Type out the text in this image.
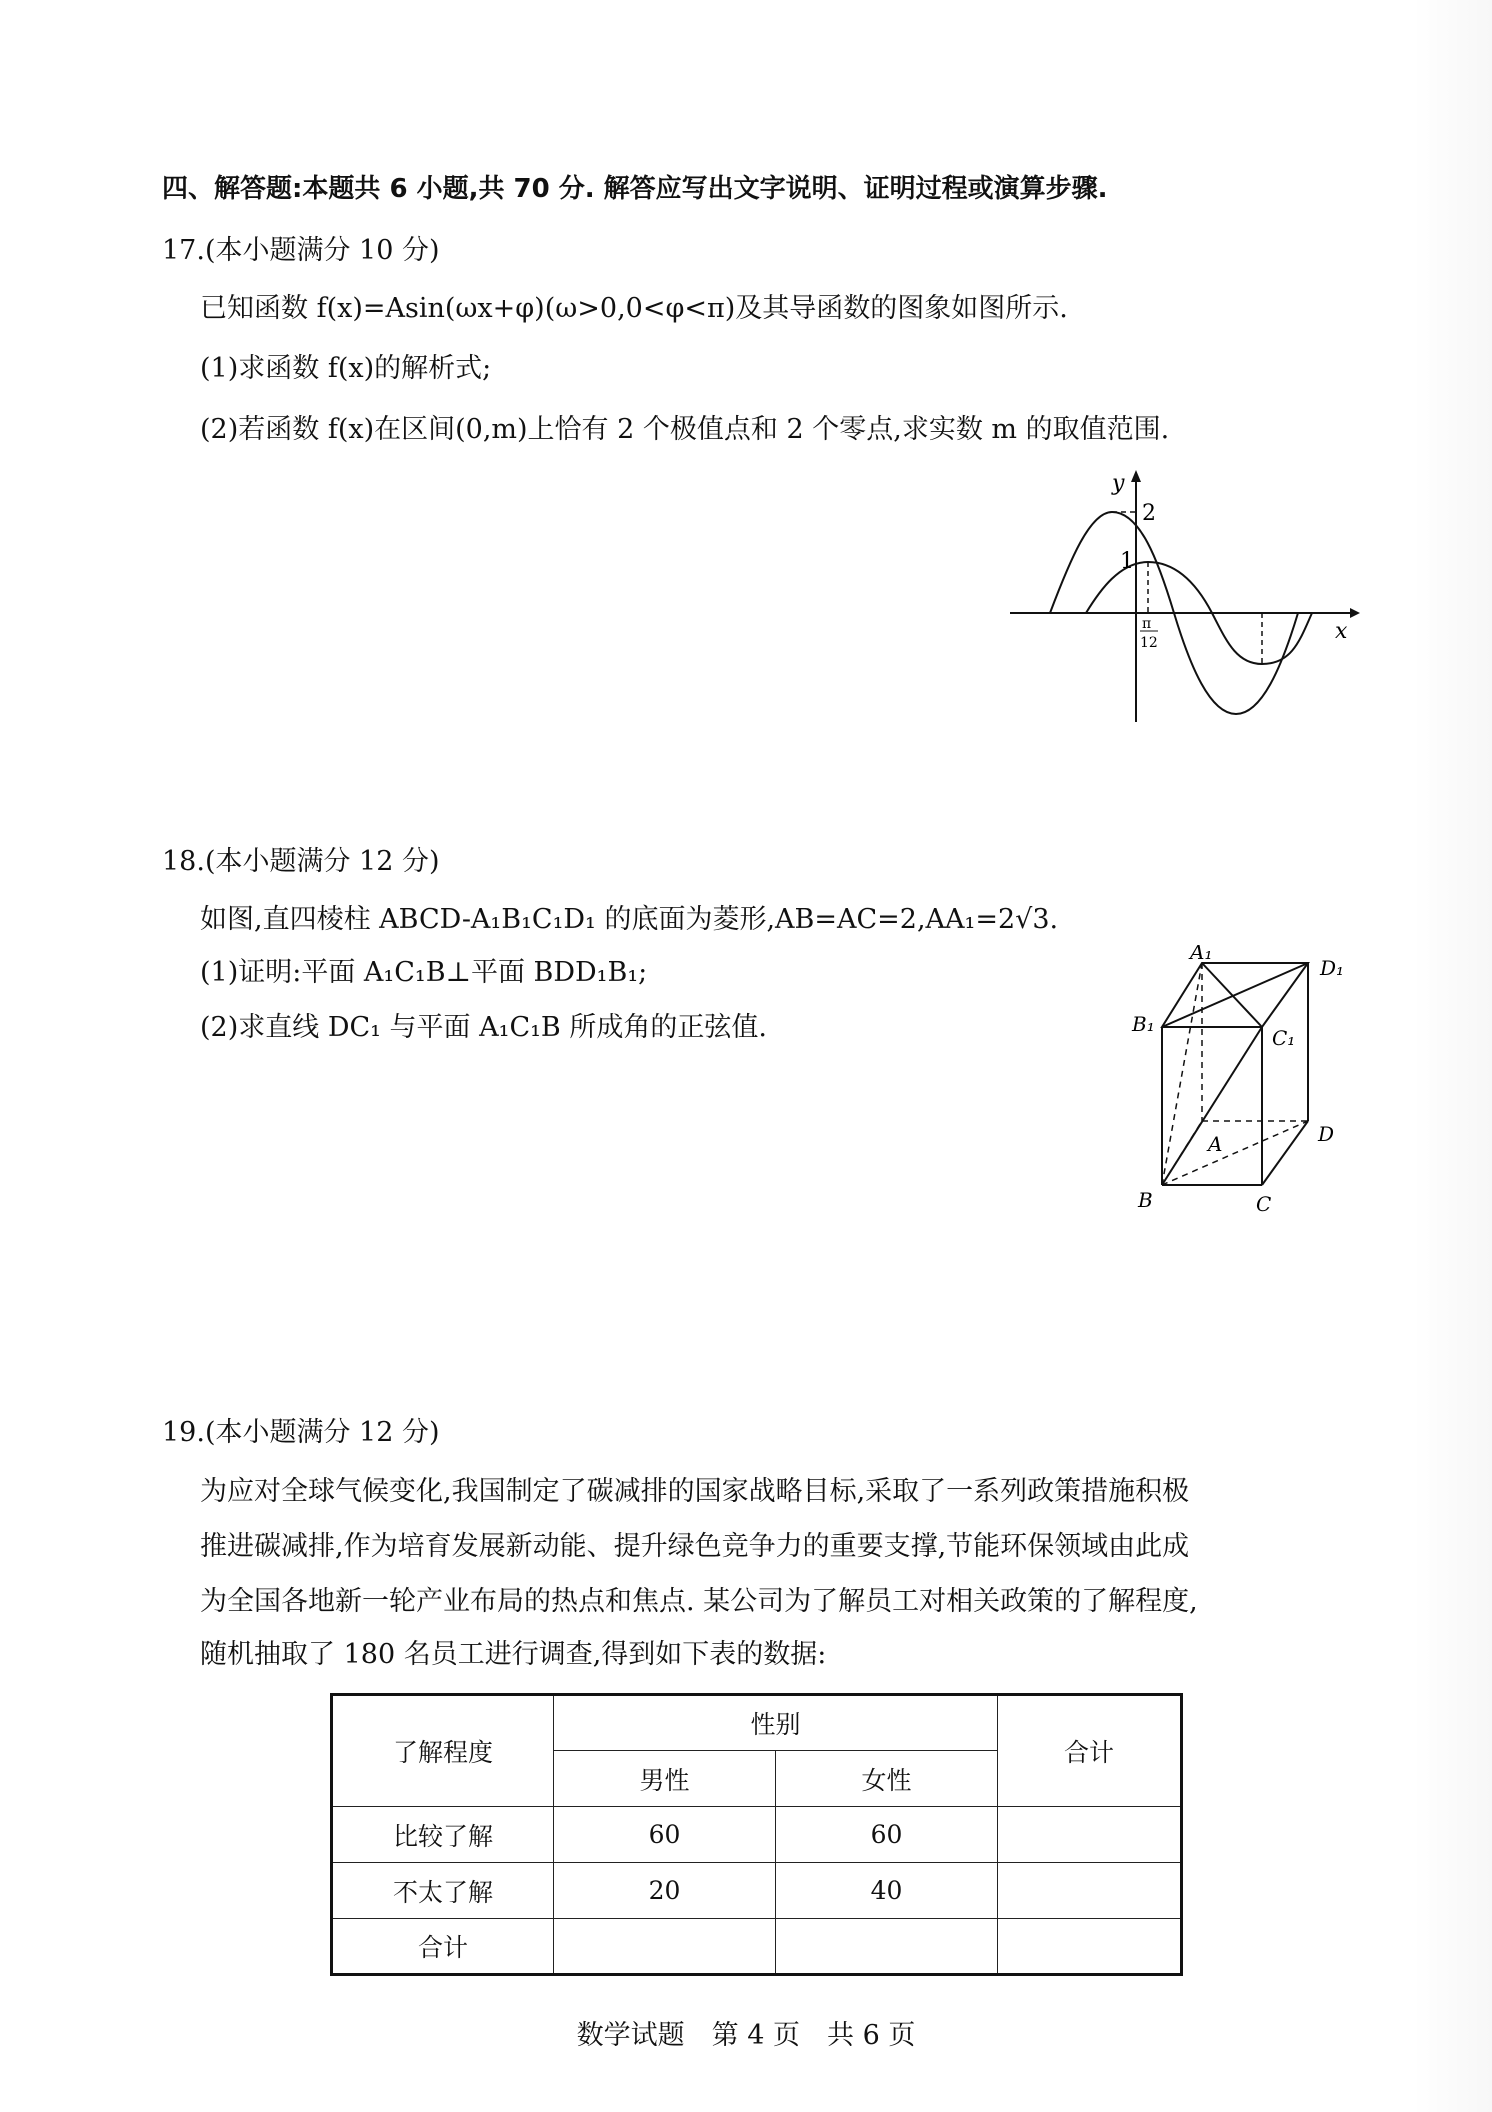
四、解答题:本题共 6 小题,共 70 分. 解答应写出文字说明、证明过程或演算步骤.
17.(本小题满分 10 分)
已知函数 f(x)=Asin(ωx+φ)(ω>0,0<φ<π)及其导函数的图象如图所示.
(1)求函数 f(x)的解析式;
(2)若函数 f(x)在区间(0,m)上恰有 2 个极值点和 2 个零点,求实数 m 的取值范围.
y
x
2
1
π
12
18.(本小题满分 12 分)
如图,直四棱柱 ABCD-A₁B₁C₁D₁ 的底面为菱形,AB=AC=2,AA₁=2√3.
(1)证明:平面 A₁C₁B⊥平面 BDD₁B₁;
(2)求直线 DC₁ 与平面 A₁C₁B 所成角的正弦值.
A₁
D₁
B₁
C₁
A	D
B	C
19.(本小题满分 12 分)
为应对全球气候变化,我国制定了碳减排的国家战略目标,采取了一系列政策措施积极
推进碳减排,作为培育发展新动能、提升绿色竞争力的重要支撑,节能环保领域由此成
为全国各地新一轮产业布局的热点和焦点. 某公司为了解员工对相关政策的了解程度,
随机抽取了 180 名员工进行调查,得到如下表的数据:
了解程度	性别		合计
	男性	女性	
比较了解	60	60	
不太了解	20	40	
合计			
数学试题　第 4 页　共 6 页
